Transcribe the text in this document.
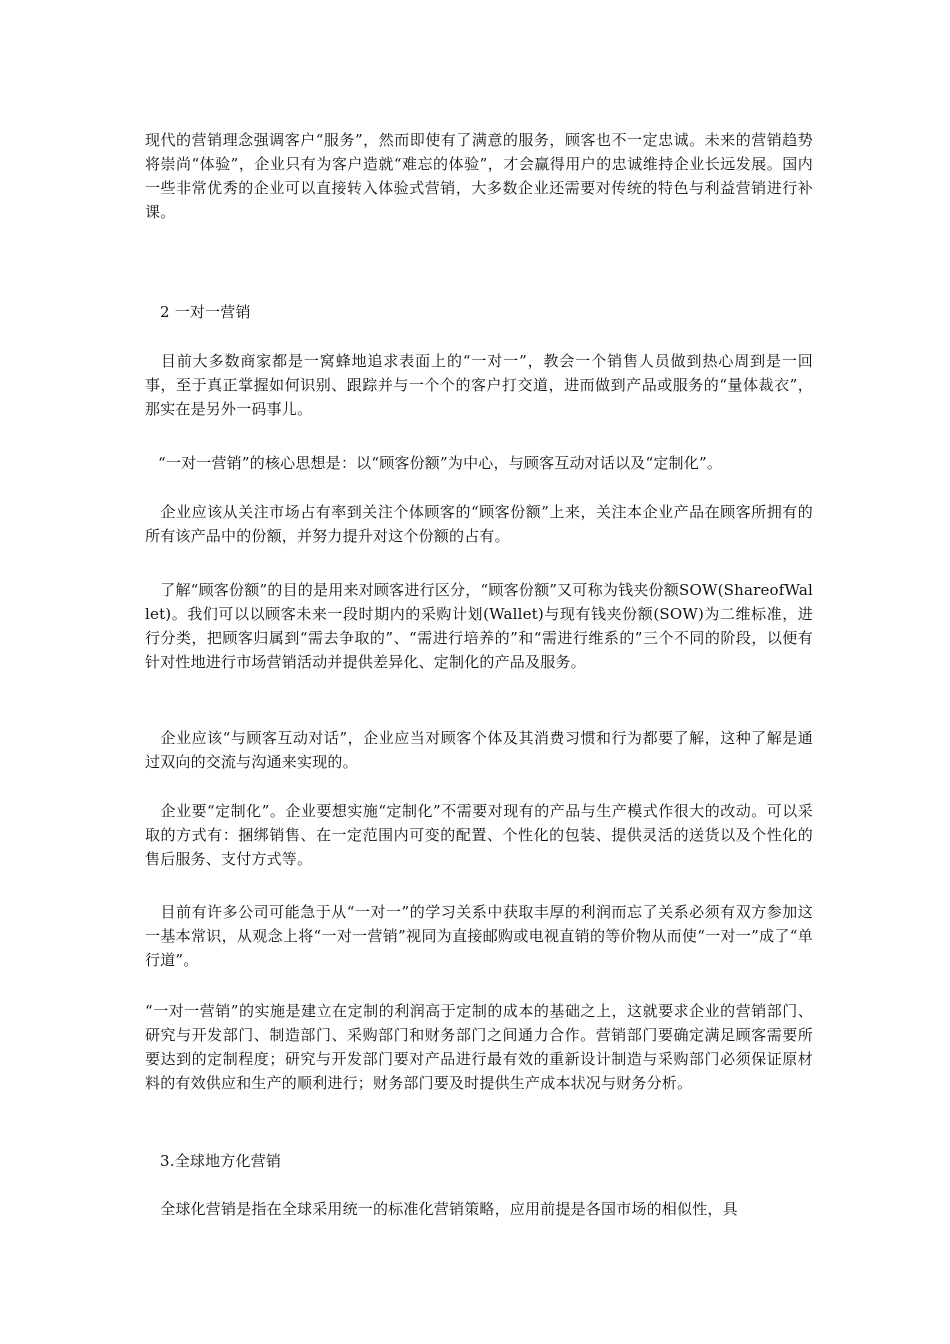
现代的营销理念强调客户“服务”，然而即使有了满意的服务，顾客也不一定忠诚。未来的营销趋势将崇尚“体验”，企业只有为客户造就“难忘的体验”，才会赢得用户的忠诚维持企业长远发展。国内一些非常优秀的企业可以直接转入体验式营销，大多数企业还需要对传统的特色与利益营销进行补课。
2 一对一营销
　目前大多数商家都是一窝蜂地追求表面上的“一对一”，教会一个销售人员做到热心周到是一回事，至于真正掌握如何识别、跟踪并与一个个的客户打交道，进而做到产品或服务的“量体裁衣”，那实在是另外一码事儿。
“一对一营销”的核心思想是：以“顾客份额”为中心，与顾客互动对话以及“定制化”。
　企业应该从关注市场占有率到关注个体顾客的“顾客份额”上来，关注本企业产品在顾客所拥有的所有该产品中的份额，并努力提升对这个份额的占有。
　了解“顾客份额”的目的是用来对顾客进行区分，“顾客份额”又可称为钱夹份额SOW(ShareofWallet)。我们可以以顾客未来一段时期内的采购计划(Wallet)与现有钱夹份额(SOW)为二维标准，进行分类，把顾客归属到“需去争取的”、“需进行培养的”和“需进行维系的”三个不同的阶段，以便有针对性地进行市场营销活动并提供差异化、定制化的产品及服务。
　企业应该“与顾客互动对话”，企业应当对顾客个体及其消费习惯和行为都要了解，这种了解是通过双向的交流与沟通来实现的。
　企业要“定制化”。企业要想实施“定制化”不需要对现有的产品与生产模式作很大的改动。可以采取的方式有：捆绑销售、在一定范围内可变的配置、个性化的包装、提供灵活的送货以及个性化的售后服务、支付方式等。
　目前有许多公司可能急于从“一对一”的学习关系中获取丰厚的利润而忘了关系必须有双方参加这一基本常识，从观念上将“一对一营销”视同为直接邮购或电视直销的等价物从而使“一对一”成了“单行道”。
“一对一营销”的实施是建立在定制的利润高于定制的成本的基础之上，这就要求企业的营销部门、研究与开发部门、制造部门、采购部门和财务部门之间通力合作。营销部门要确定满足顾客需要所要达到的定制程度；研究与开发部门要对产品进行最有效的重新设计制造与采购部门必须保证原材料的有效供应和生产的顺利进行；财务部门要及时提供生产成本状况与财务分析。
3.全球地方化营销
　全球化营销是指在全球采用统一的标准化营销策略，应用前提是各国市场的相似性，具
